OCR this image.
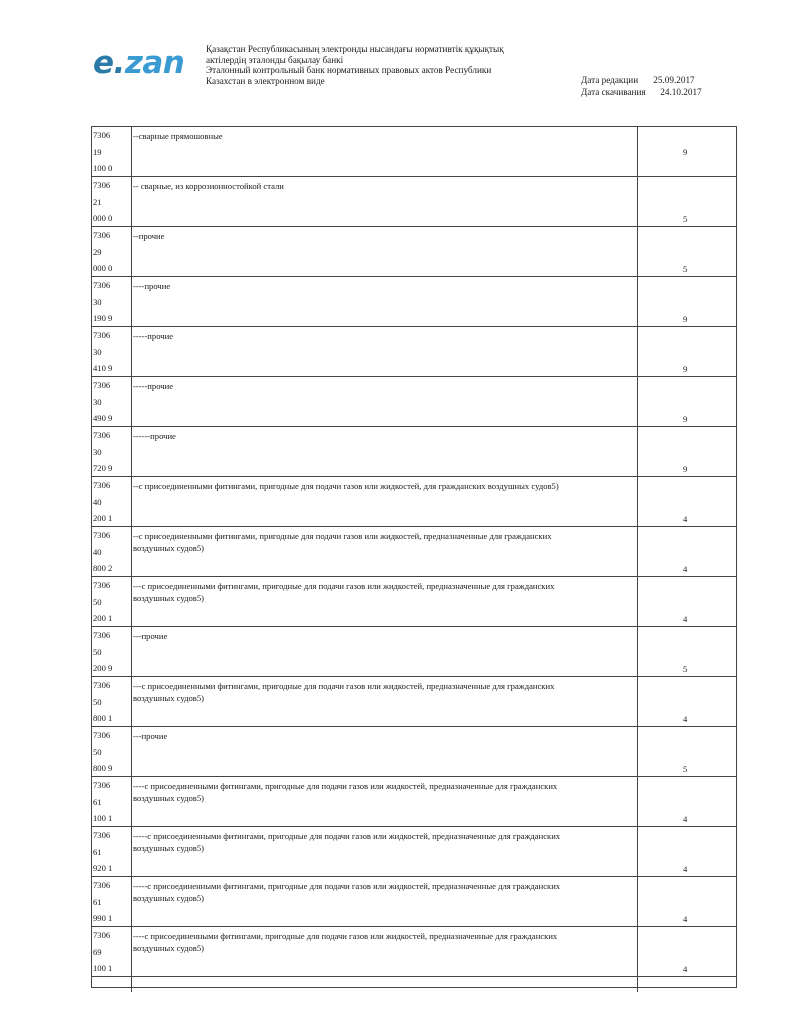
e.zan Қазақстан Республикасының электронды нысандағы нормативтік құқықтық
актілердің эталонды бақылау банкі
Эталонный контрольный банк нормативных правовых актов Республики
Казахстан в электронном виде	Дата редакции 25.09.2017
Дата скачивания 24.10.2017
7306
19
100 0
--сварные прямошовные
9
7306
21
000 0
-- сварные, из коррозионностойкой стали
5
7306
29
000 0
--прочие
5
7306
30
190 9
----прочие
9
7306
30
410 9
-----прочие
9
7306
30
490 9
-----прочие
9
7306
30
720 9
------прочие
9
7306
40
200 1
--с присоединенными фитингами, пригодные для подачи газов или жидкостей, для гражданских воздушных судов5)
4
7306
40
800 2
--с присоединенными фитингами, пригодные для подачи газов или жидкостей, предназначенные для гражданских воздушных судов5)
4
7306
50
200 1
---с присоединенными фитингами, пригодные для подачи газов или жидкостей, предназначенные для гражданских воздушных судов5)
4
7306
50
200 9
---прочие
5
7306
50
800 1
---с присоединенными фитингами, пригодные для подачи газов или жидкостей, предназначенные для гражданских воздушных судов5)
4
7306
50
800 9
---прочие
5
7306
61
100 1
----с присоединенными фитингами, пригодные для подачи газов или жидкостей, предназначенные для гражданских воздушных судов5)
4
7306
61
920 1
-----с присоединенными фитингами, пригодные для подачи газов или жидкостей, предназначенные для гражданских воздушных судов5)
4
7306
61
990 1
-----с присоединенными фитингами, пригодные для подачи газов или жидкостей, предназначенные для гражданских воздушных судов5)
4
7306
69
100 1
----с присоединенными фитингами, пригодные для подачи газов или жидкостей, предназначенные для гражданских воздушных судов5)
4
